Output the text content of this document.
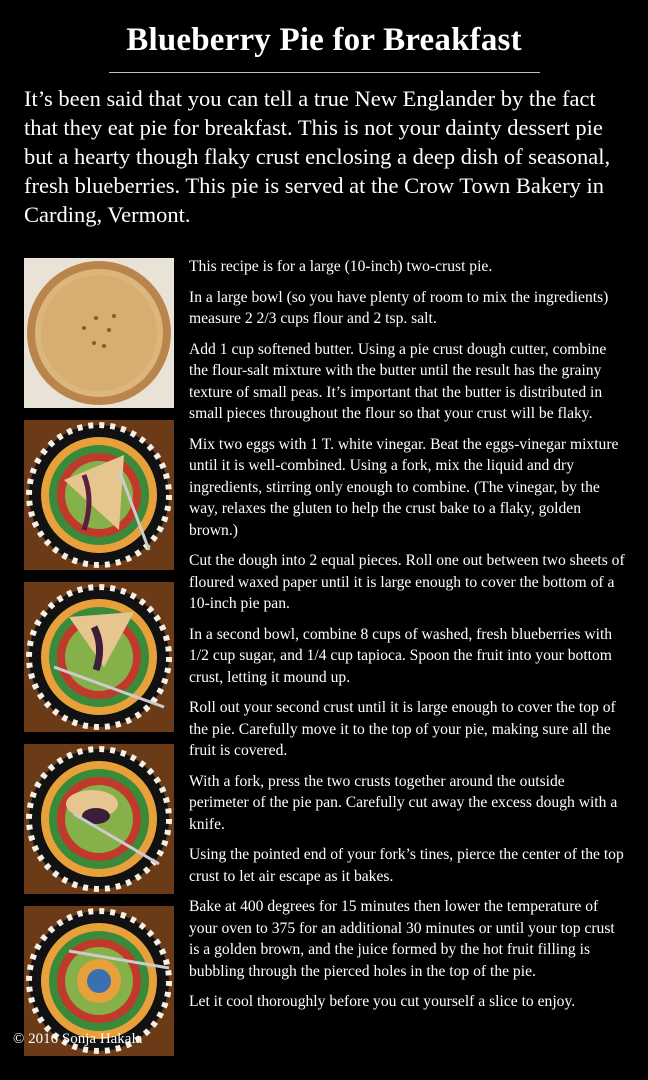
Blueberry Pie for Breakfast

It’s been said that you can tell a true New Englander by the fact that they eat pie for breakfast. This is not your dainty dessert pie but a hearty though flaky crust enclosing a deep dish of seasonal, fresh blueberries. This pie is served at the Crow Town Bakery in Carding, Vermont.

This recipe is for a large (10-inch) two-crust pie.

In a large bowl (so you have plenty of room to mix the ingredients) measure 2 2/3 cups flour and 2 tsp. salt.

Add 1 cup softened butter. Using a pie crust dough cutter, combine the flour-salt mixture with the butter until the result has the grainy texture of small peas. It’s important that the butter is distributed in small pieces throughout the flour so that your crust will be flaky.

Mix two eggs with 1 T. white vinegar. Beat the eggs-vinegar mixture until it is well-combined. Using a fork, mix the liquid and dry ingredients, stirring only enough to combine. (The vinegar, by the way, relaxes the gluten to help the crust bake to a flaky, golden brown.)

Cut the dough into 2 equal pieces. Roll one out between two sheets of floured waxed paper until it is large enough to cover the bottom of a 10-inch pie pan.

In a second bowl, combine 8 cups of washed, fresh blueberries with 1/2 cup sugar, and 1/4 cup tapioca. Spoon the fruit into your bottom crust, letting it mound up.

Roll out your second crust until it is large enough to cover the top of the pie. Carefully move it to the top of your pie, making sure all the fruit is covered.

With a fork, press the two crusts together around the outside perimeter of the pie pan. Carefully cut away the excess dough with a knife.

Using the pointed end of your fork’s tines, pierce the center of the top crust to let air escape as it bakes.

Bake at 400 degrees for 15 minutes then lower the temperature of your oven to 375 for an additional 30 minutes or until your top crust is a golden brown, and the juice formed by the hot fruit filling is bubbling through the pierced holes in the top of the pie.

Let it cool thoroughly before you cut yourself a slice to enjoy.

© 2016 Sonja Hakala
